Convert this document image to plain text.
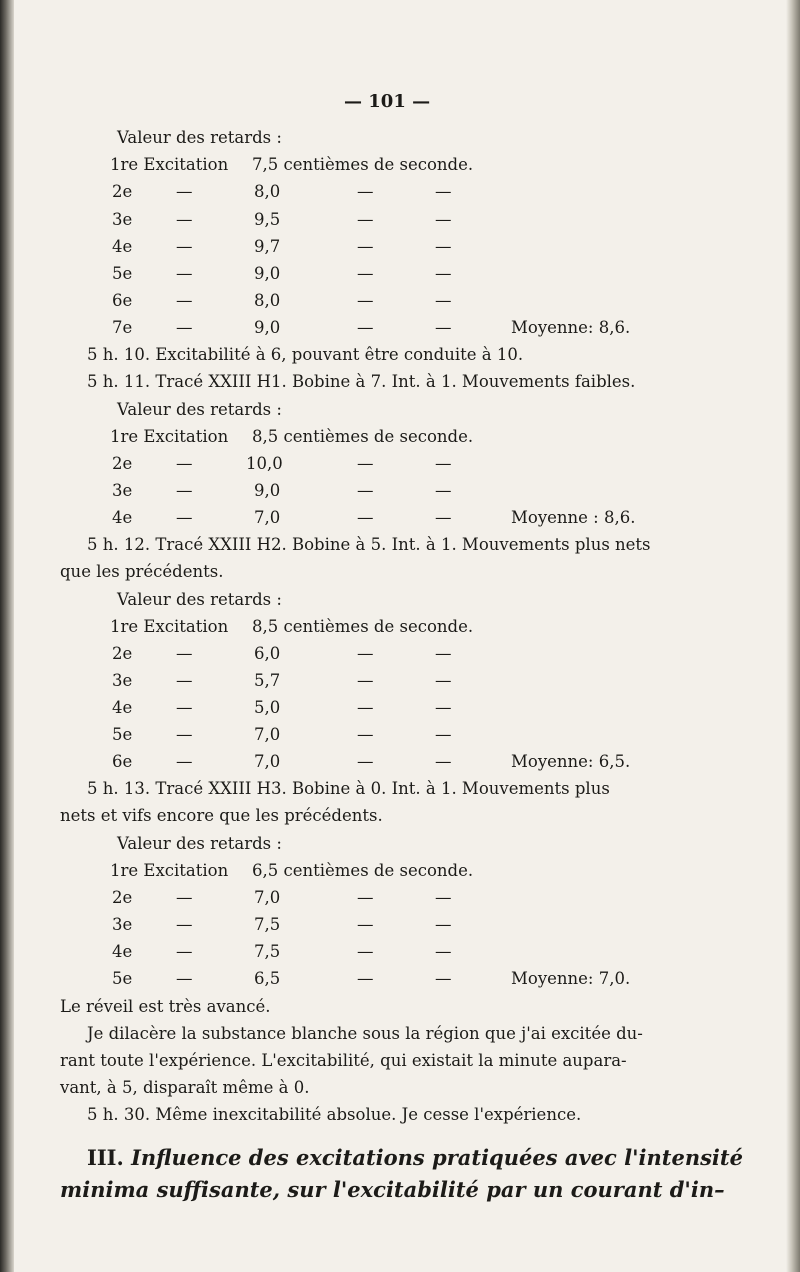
— 101 —
Valeur des retards :
1re Excitation 7,5 centièmes de seconde.
2e	—	8,0	—	—
3e	—	9,5	—	—
4e	—	9,7	—	—
5e	—	9,0	—	—
6e	—	8,0	—	—
7e	—	9,0	—	—	Moyenne: 8,6.
5 h. 10. Excitabilité à 6, pouvant être conduite à 10.
5 h. 11. Tracé XXIII H1. Bobine à 7. Int. à 1. Mouvements faibles.
Valeur des retards :
1re Excitation 8,5 centièmes de seconde.
2e	—	10,0	—	—
3e	—	9,0	—	—
4e	—	7,0	—	—	Moyenne : 8,6.
5 h. 12. Tracé XXIII H2. Bobine à 5. Int. à 1. Mouvements plus nets
que les précédents.
Valeur des retards :
1re Excitation 8,5 centièmes de seconde.
2e	—	6,0	—	—
3e	—	5,7	—	—
4e	—	5,0	—	—
5e	—	7,0	—	—
6e	—	7,0	—	—	Moyenne: 6,5.
5 h. 13. Tracé XXIII H3. Bobine à 0. Int. à 1. Mouvements plus
nets et vifs encore que les précédents.
Valeur des retards :
1re Excitation 6,5 centièmes de seconde.
2e	—	7,0	—	—
3e	—	7,5	—	—
4e	—	7,5	—	—
5e	—	6,5	—	—	Moyenne: 7,0.
Le réveil est très avancé.
Je dilacère la substance blanche sous la région que j'ai excitée du-
rant toute l'expérience. L'excitabilité, qui existait la minute aupara-
vant, à 5, disparaît même à 0.
5 h. 30. Même inexcitabilité absolue. Je cesse l'expérience.
III. Influence des excitations pratiquées avec l'intensité
minima suffisante, sur l'excitabilité par un courant d'in–
